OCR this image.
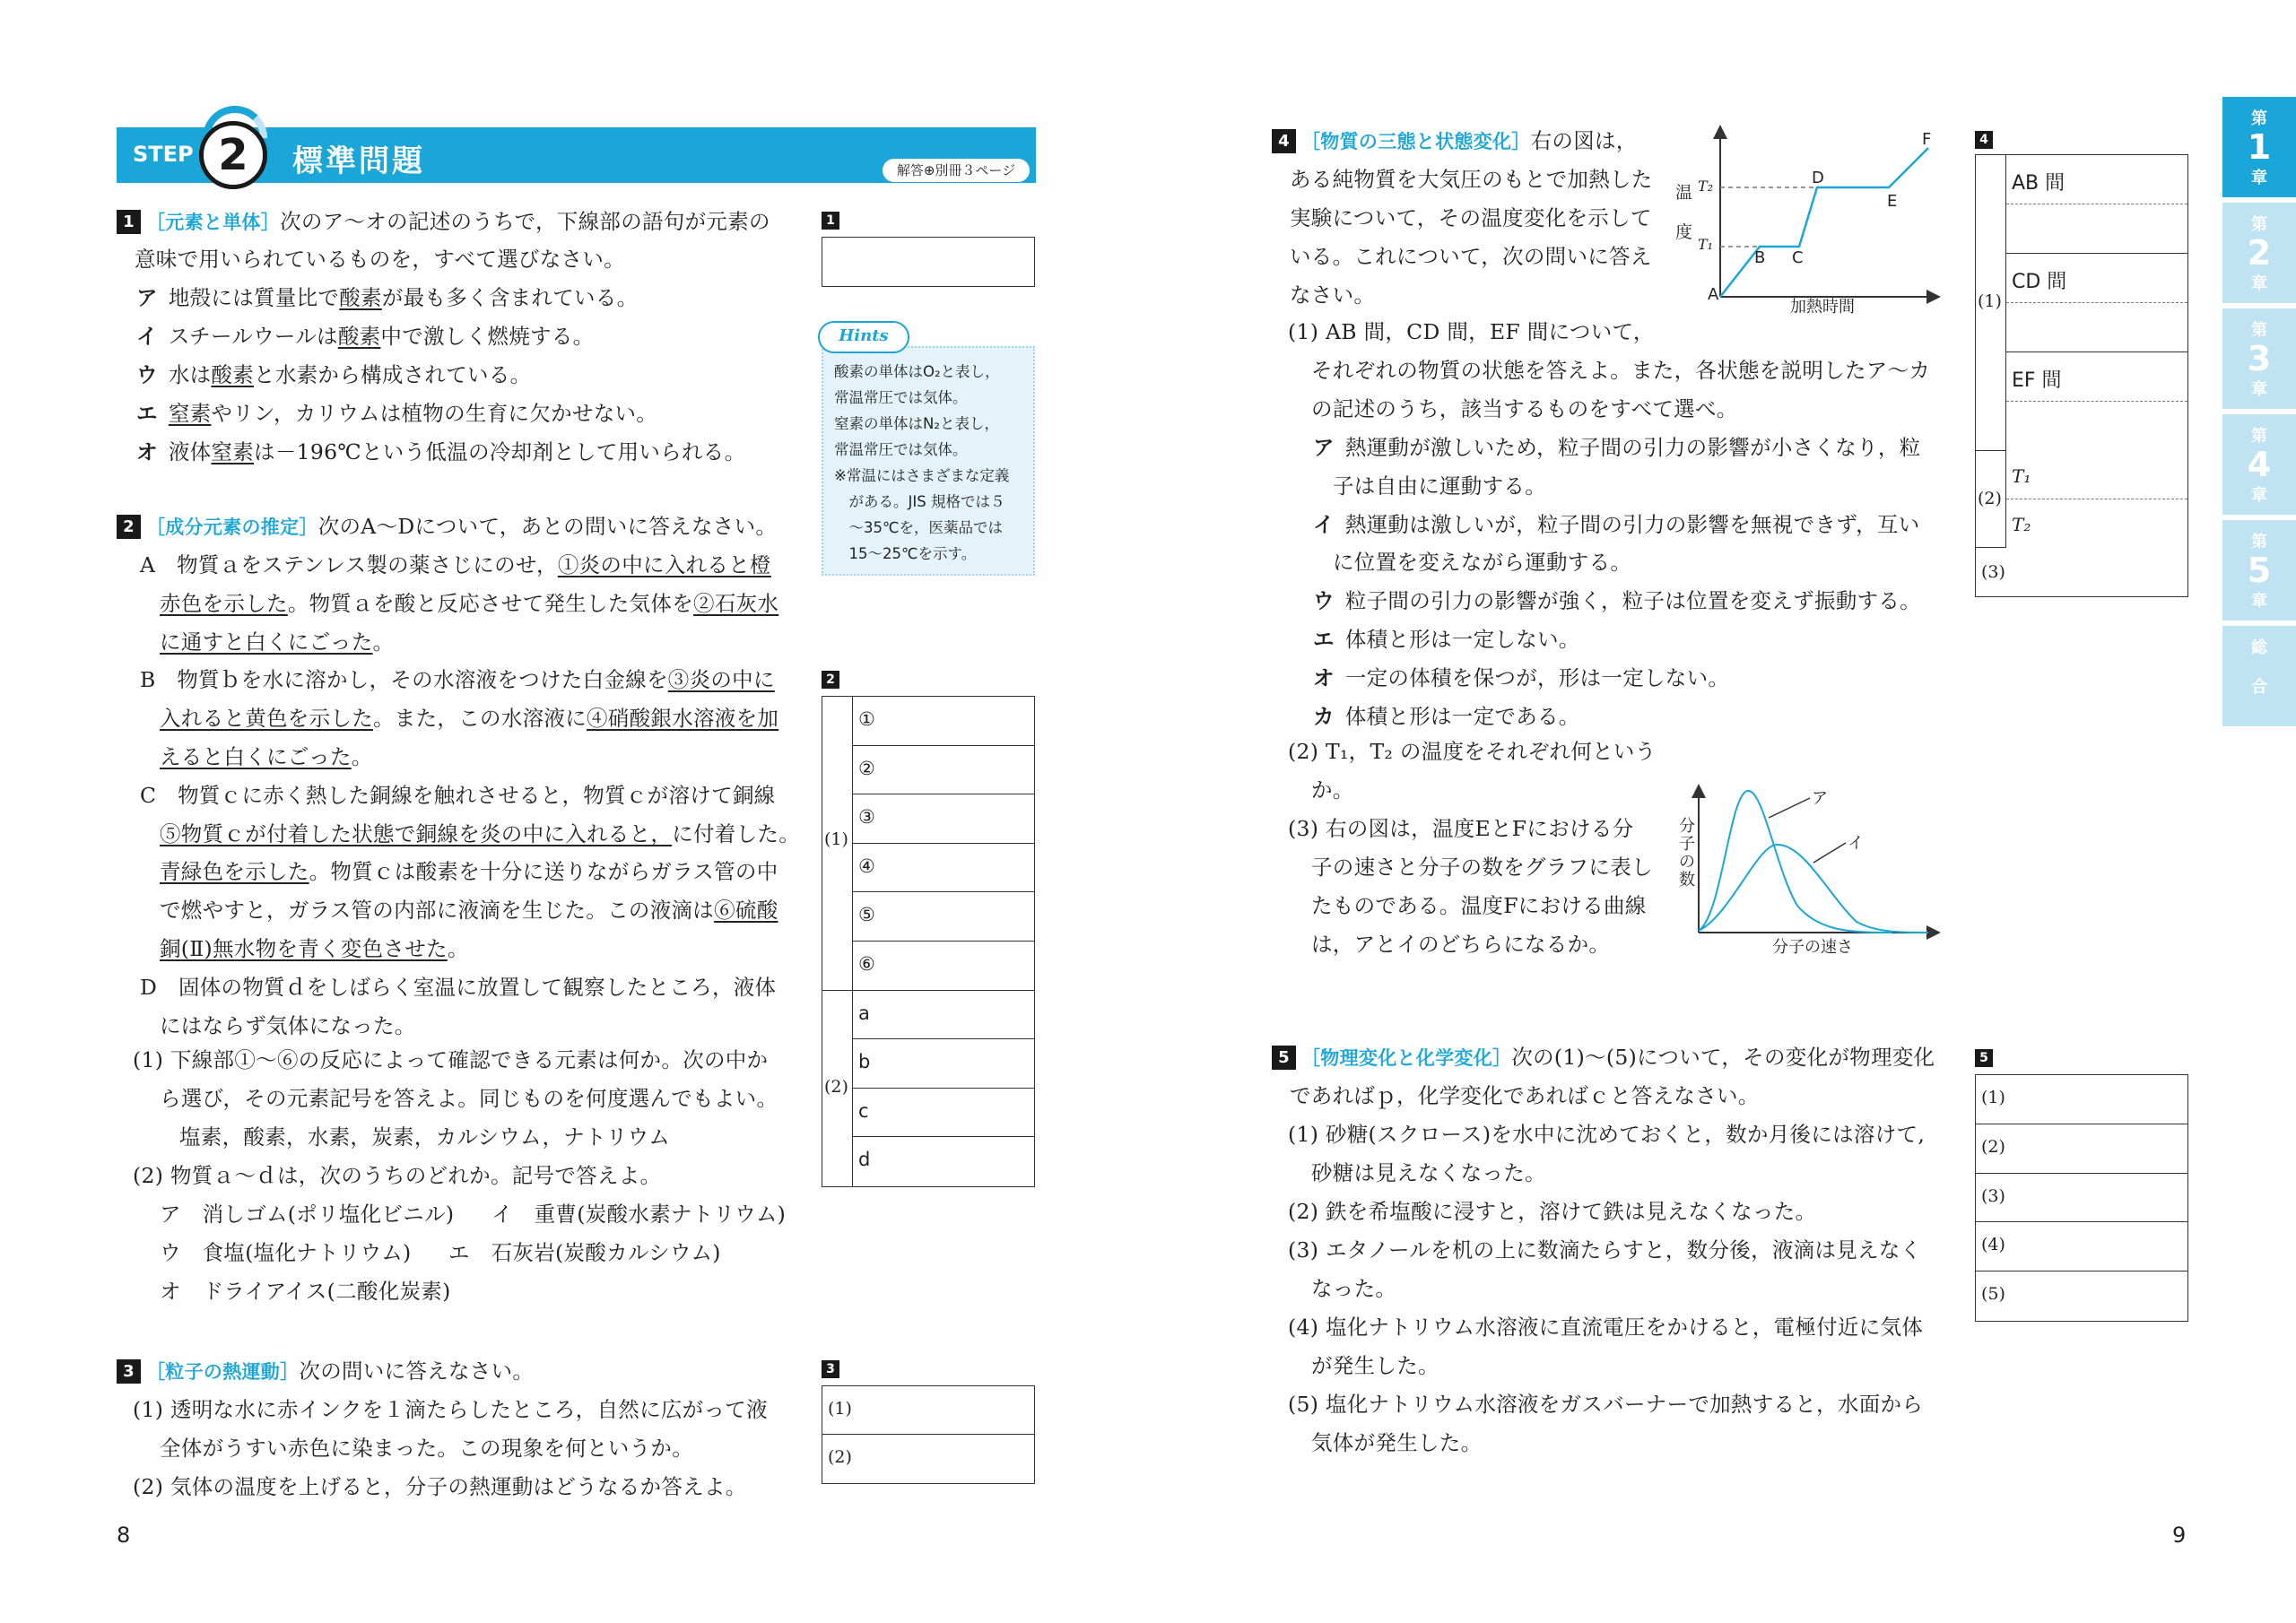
STEP 2	標準問題	解答⊕別冊３ページ
1 ［元素と単体］次のア～オの記述のうちで，下線部の語句が元素の
意味で用いられているものを，すべて選びなさい。
ア 地殻には質量比で酸素が最も多く含まれている。
イ スチールウールは酸素中で激しく燃焼する。
ウ 水は酸素と水素から構成されている。
エ 窒素やリン，カリウムは植物の生育に欠かせない。
オ 液体窒素は－196℃という低温の冷却剤として用いられる。
2 ［成分元素の推定］次のA～Dについて，あとの問いに答えなさい。
A　物質ａをステンレス製の薬さじにのせ，①炎の中に入れると橙
赤色を示した。物質ａを酸と反応させて発生した気体を②石灰水
に通すと白くにごった。
B　物質ｂを水に溶かし，その水溶液をつけた白金線を③炎の中に
入れると黄色を示した。また，この水溶液に④硝酸銀水溶液を加
えると白くにごった。
C　物質ｃに赤く熱した銅線を触れさせると，物質ｃが溶けて銅線
⑤物質ｃが付着した状態で銅線を炎の中に入れると，に付着した。
青緑色を示した。物質ｃは酸素を十分に送りながらガラス管の中
で燃やすと，ガラス管の内部に液滴を生じた。この液滴は⑥硫酸
銅(Ⅱ)無水物を青く変色させた。
D　固体の物質ｄをしばらく室温に放置して観察したところ，液体
にはならず気体になった。
(1) 下線部①～⑥の反応によって確認できる元素は何か。次の中か
ら選び，その元素記号を答えよ。同じものを何度選んでもよい。
塩素，酸素，水素，炭素，カルシウム，ナトリウム
(2) 物質ａ～ｄは，次のうちのどれか。記号で答えよ。
ア　消しゴム(ポリ塩化ビニル) イ　重曹(炭酸水素ナトリウム)
ウ　食塩(塩化ナトリウム) エ　石灰岩(炭酸カルシウム)
オ　ドライアイス(二酸化炭素)
3 ［粒子の熱運動］次の問いに答えなさい。
(1) 透明な水に赤インクを１滴たらしたところ，自然に広がって液
全体がうすい赤色に染まった。この現象を何というか。
(2) 気体の温度を上げると，分子の熱運動はどうなるか答えよ。
酸素の単体はO₂と表し，
常温常圧では気体。
窒素の単体はN₂と表し，
常温常圧では気体。
※常温にはさまざまな定義
　がある。JIS 規格では５
　～35℃を，医薬品では
　15～25℃を示す。
Hints
1
2
(1)
(2)
①
②
③
④
⑤
⑥
a
b
c
d
3
(1)
(2)
8
4 ［物質の三態と状態変化］右の図は，
ある純物質を大気圧のもとで加熱した
実験について，その温度変化を示して
いる。これについて，次の問いに答え
なさい。
(1) AB 間，CD 間，EF 間について，
それぞれの物質の状態を答えよ。また，各状態を説明したア～カ
の記述のうち，該当するものをすべて選べ。
ア 熱運動が激しいため，粒子間の引力の影響が小さくなり，粒
子は自由に運動する。
イ 熱運動は激しいが，粒子間の引力の影響を無視できず，互い
に位置を変えながら運動する。
ウ 粒子間の引力の影響が強く，粒子は位置を変えず振動する。
エ 体積と形は一定しない。
オ 一定の体積を保つが，形は一定しない。
カ 体積と形は一定である。
(2) T₁，T₂ の温度をそれぞれ何という
か。
(3) 右の図は，温度EとFにおける分
子の速さと分子の数をグラフに表し
たものである。温度Fにおける曲線
は，アとイのどちらになるか。
温
度
T₂
T₁
加熱時間
A
B C
D
E
F
分
子
の
数
分子の速さ
ア
イ
4
(1)
(2)
AB 間
CD 間
EF 間
T₁
T₂
(3)
5 ［物理変化と化学変化］次の(1)～(5)について，その変化が物理変化
であればｐ，化学変化であればｃと答えなさい。
(1) 砂糖(スクロース)を水中に沈めておくと，数か月後には溶けて,
砂糖は見えなくなった。
(2) 鉄を希塩酸に浸すと，溶けて鉄は見えなくなった。
(3) エタノールを机の上に数滴たらすと，数分後，液滴は見えなく
なった。
(4) 塩化ナトリウム水溶液に直流電圧をかけると，電極付近に気体
が発生した。
(5) 塩化ナトリウム水溶液をガスバーナーで加熱すると，水面から
気体が発生した。
5
(1)
(2)
(3)
(4)
(5)
9
第
1
章
第
2
章
第
3
章
第
4
章
第
5
章
総
合
